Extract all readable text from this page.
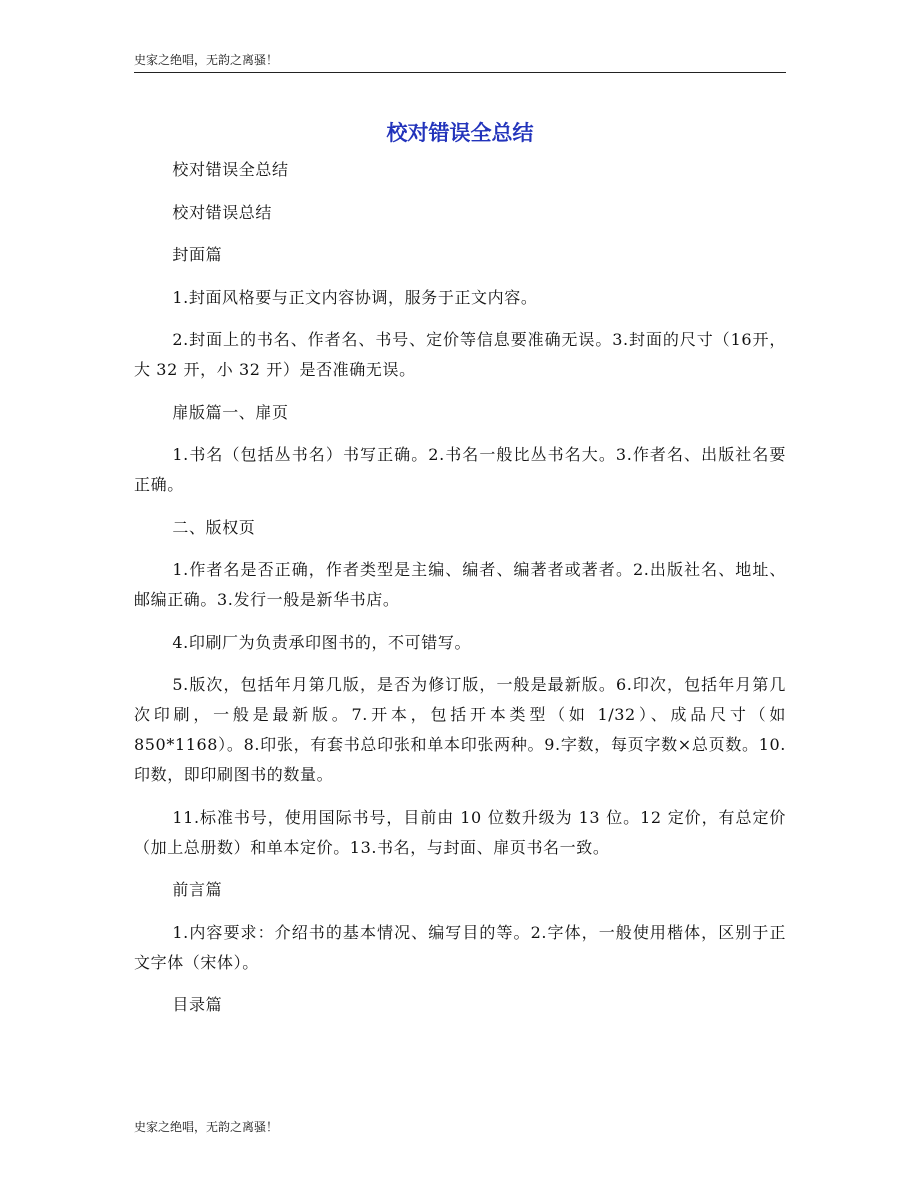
史家之绝唱，无韵之离骚！
校对错误全总结

校对错误全总结

校对错误总结

封面篇

1.封面风格要与正文内容协调，服务于正文内容。

2.封面上的书名、作者名、书号、定价等信息要准确无误。3.封面的尺寸（16开，大 32 开，小 32 开）是否准确无误。

扉版篇一、扉页

1.书名（包括丛书名）书写正确。2.书名一般比丛书名大。3.作者名、出版社名要正确。

二、版权页

1.作者名是否正确，作者类型是主编、编者、编著者或著者。2.出版社名、地址、邮编正确。3.发行一般是新华书店。

4.印刷厂为负责承印图书的，不可错写。

5.版次，包括年月第几版，是否为修订版，一般是最新版。6.印次，包括年月第几次印刷，一般是最新版。7.开本，包括开本类型（如 1/32）、成品尺寸（如 850*1168）。8.印张，有套书总印张和单本印张两种。9.字数，每页字数×总页数。10.印数，即印刷图书的数量。

11.标准书号，使用国际书号，目前由 10 位数升级为 13 位。12 定价，有总定价（加上总册数）和单本定价。13.书名，与封面、扉页书名一致。

前言篇

1.内容要求：介绍书的基本情况、编写目的等。2.字体，一般使用楷体，区别于正文字体（宋体）。

目录篇

史家之绝唱，无韵之离骚！
